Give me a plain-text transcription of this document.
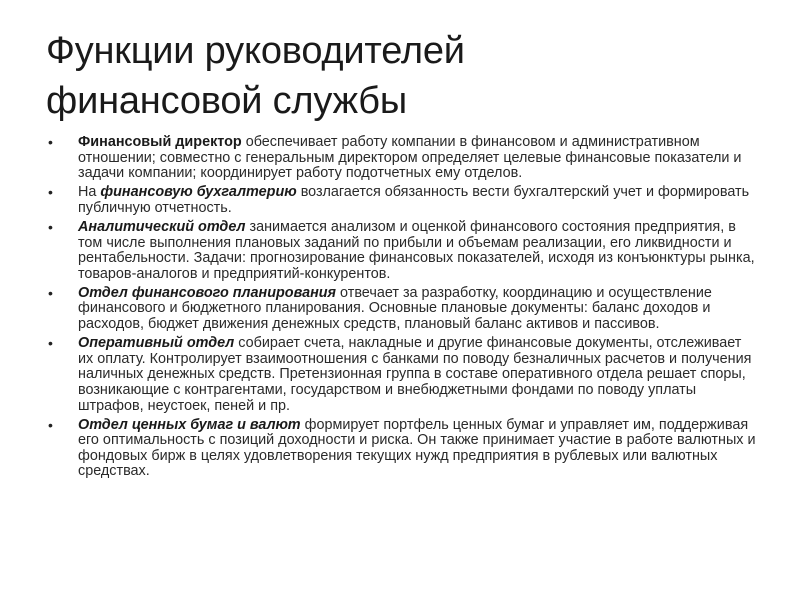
Функции руководителей
финансовой службы
• Финансовый директор обеспечивает работу компании в финансовом и административном отношении; совместно с генеральным директором определяет целевые финансовые показатели и задачи компании; координирует работу подотчетных ему отделов.
• На финансовую бухгалтерию возлагается обязанность вести бухгалтерский учет и формировать публичную отчетность.
• Аналитический отдел занимается анализом и оценкой финансового состояния предприятия, в том числе выполнения плановых заданий по прибыли и объемам реализации, его ликвидности и рентабельности. Задачи: прогнозирование финансовых показателей, исходя из конъюнктуры рынка, товаров-аналогов и предприятий-конкурентов.
• Отдел финансового планирования отвечает за разработку, координацию и осуществление финансового и бюджетного планирования. Основные плановые документы: баланс доходов и расходов, бюджет движения денежных средств, плановый баланс активов и пассивов.
• Оперативный отдел собирает счета, накладные и другие финансовые документы, отслеживает их оплату. Контролирует взаимоотношения с банками по поводу безналичных расчетов и получения наличных денежных средств. Претензионная группа в составе оперативного отдела решает споры, возникающие с контрагентами, государством и внебюджетными фондами по поводу уплаты штрафов, неустоек, пеней и пр.
• Отдел ценных бумаг и валют формирует портфель ценных бумаг и управляет им, поддерживая его оптимальность с позиций доходности и риска. Он также принимает участие в работе валютных и фондовых бирж в целях удовлетворения текущих нужд предприятия в рублевых или валютных средствах.
